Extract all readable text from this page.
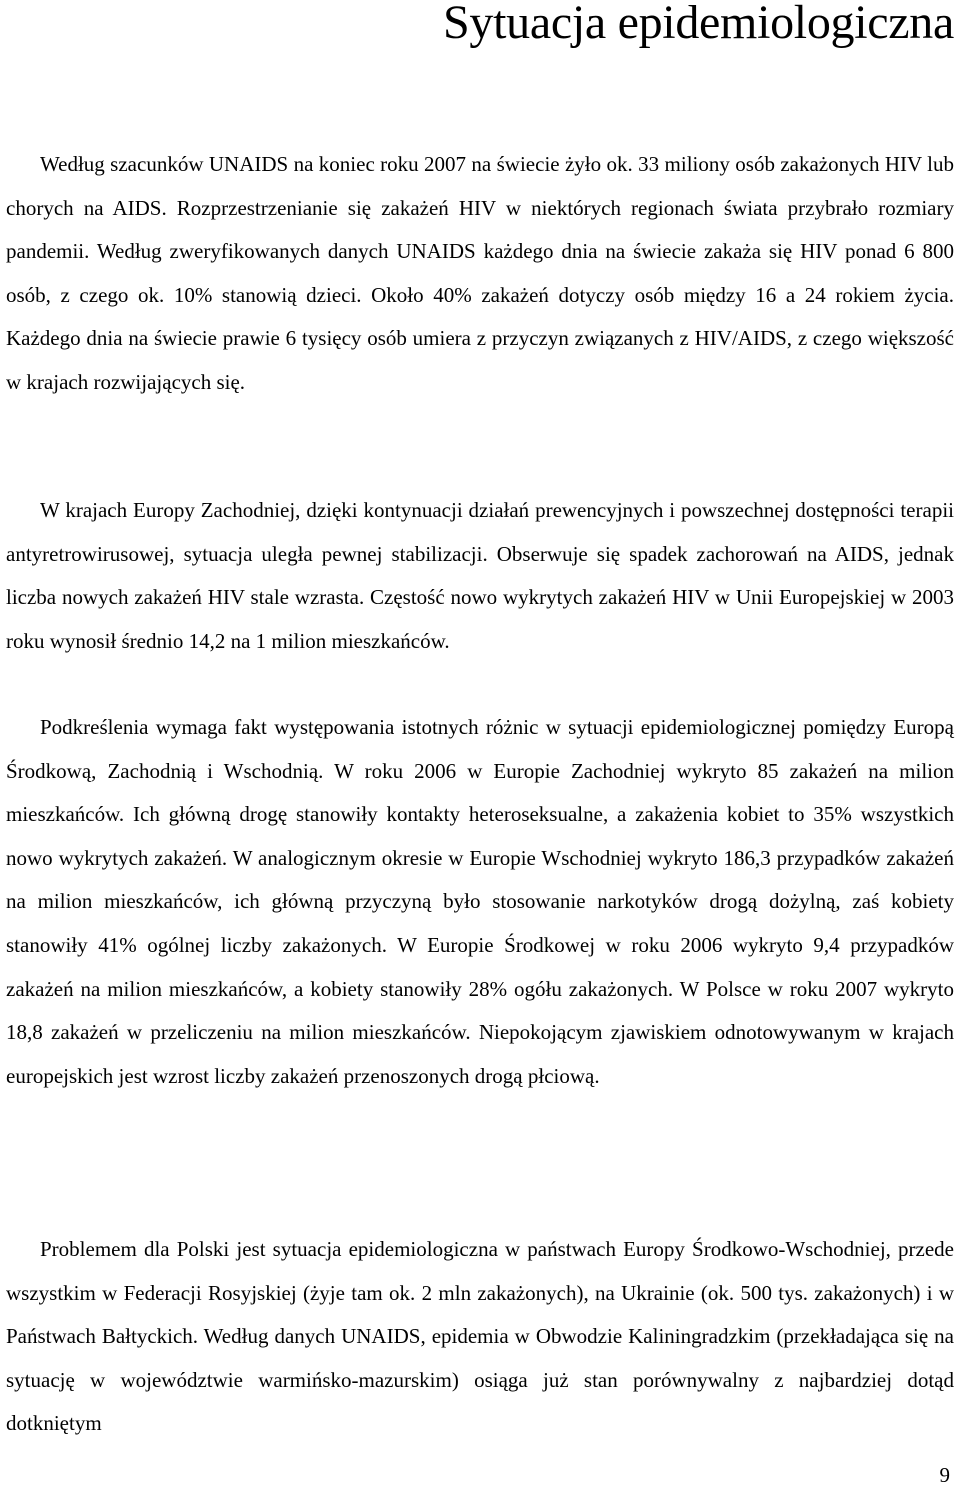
Sytuacja epidemiologiczna

Według szacunków UNAIDS na koniec roku 2007 na świecie żyło ok. 33 miliony osób zakażonych HIV lub chorych na AIDS. Rozprzestrzenianie się zakażeń HIV w niektórych regionach świata przybrało rozmiary pandemii. Według zweryfikowanych danych UNAIDS każdego dnia na świecie zakaża się HIV ponad 6 800 osób, z czego ok. 10% stanowią dzieci. Około 40% zakażeń dotyczy osób między 16 a 24 rokiem życia. Każdego dnia na świecie prawie 6 tysięcy osób umiera z przyczyn związanych z HIV/AIDS, z czego większość w krajach rozwijających się.

W krajach Europy Zachodniej, dzięki kontynuacji działań prewencyjnych i powszechnej dostępności terapii antyretrowirusowej, sytuacja uległa pewnej stabilizacji. Obserwuje się spadek zachorowań na AIDS, jednak liczba nowych zakażeń HIV stale wzrasta. Częstość nowo wykrytych zakażeń HIV w Unii Europejskiej w 2003 roku wynosił średnio 14,2 na 1 milion mieszkańców.

Podkreślenia wymaga fakt występowania istotnych różnic w sytuacji epidemiologicznej pomiędzy Europą Środkową, Zachodnią i Wschodnią. W roku 2006 w Europie Zachodniej wykryto 85 zakażeń na milion mieszkańców. Ich główną drogę stanowiły kontakty heteroseksualne, a zakażenia kobiet to 35% wszystkich nowo wykrytych zakażeń. W analogicznym okresie w Europie Wschodniej wykryto 186,3 przypadków zakażeń na milion mieszkańców, ich główną przyczyną było stosowanie narkotyków drogą dożylną, zaś kobiety stanowiły 41% ogólnej liczby zakażonych. W Europie Środkowej w roku 2006 wykryto 9,4 przypadków zakażeń na milion mieszkańców, a kobiety stanowiły 28% ogółu zakażonych. W Polsce w roku 2007 wykryto 18,8 zakażeń w przeliczeniu na milion mieszkańców. Niepokojącym zjawiskiem odnotowywanym w krajach europejskich jest wzrost liczby zakażeń przenoszonych drogą płciową.

Problemem dla Polski jest sytuacja epidemiologiczna w państwach Europy Środkowo-Wschodniej, przede wszystkim w Federacji Rosyjskiej (żyje tam ok. 2 mln zakażonych), na Ukrainie (ok. 500 tys. zakażonych) i w Państwach Bałtyckich. Według danych UNAIDS, epidemia w Obwodzie Kaliningradzkim (przekładająca się na sytuację w województwie warmińsko-mazurskim) osiąga już stan porównywalny z najbardziej dotąd dotkniętym

9
